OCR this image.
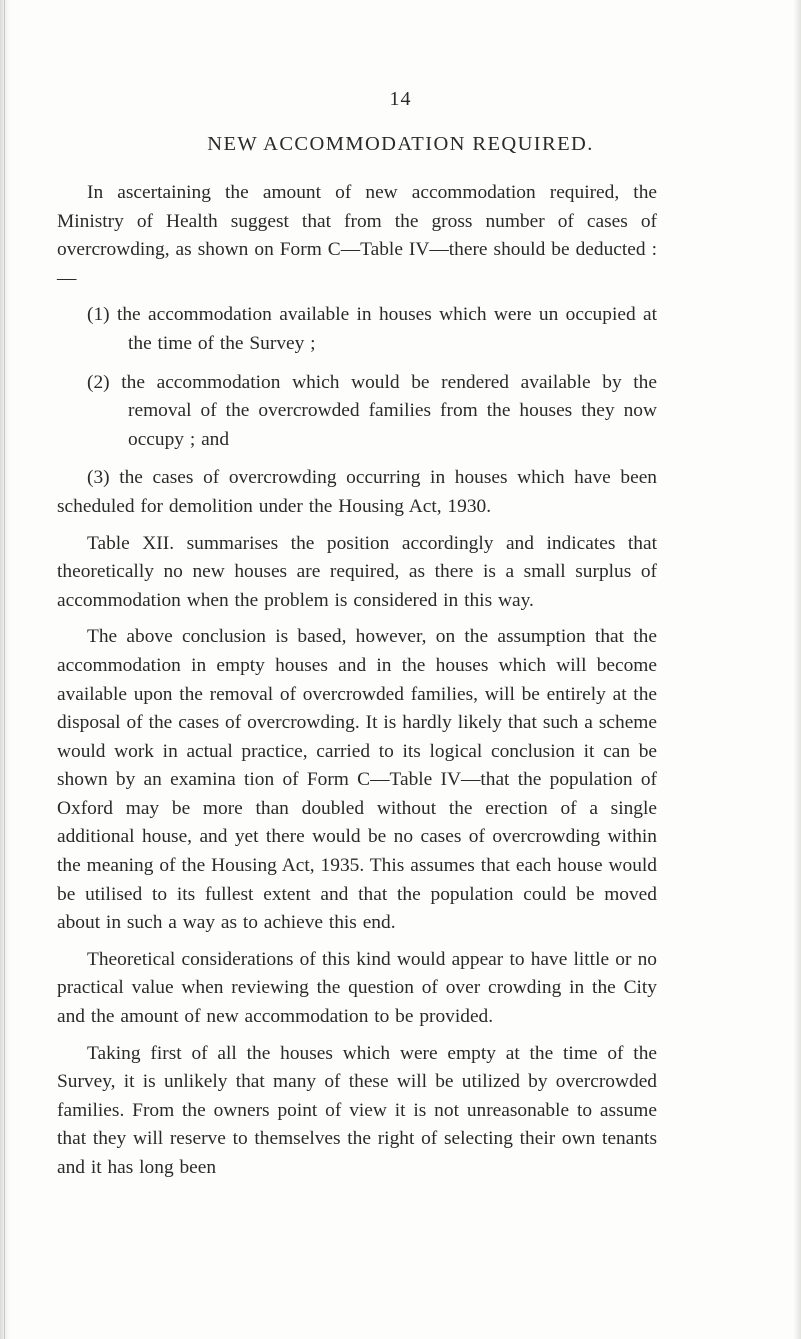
14
NEW ACCOMMODATION REQUIRED.

In ascertaining the amount of new accommodation required, the Ministry of Health suggest that from the gross number of cases of overcrowding, as shown on Form C—Table IV—there should be deducted : —

(1) the accommodation available in houses which were un occupied at the time of the Survey ;

(2) the accommodation which would be rendered available by the removal of the overcrowded families from the houses they now occupy ; and

(3) the cases of overcrowding occurring in houses which have been scheduled for demolition under the Housing Act, 1930.

Table XII. summarises the position accordingly and indicates that theoretically no new houses are required, as there is a small surplus of accommodation when the problem is considered in this way.

The above conclusion is based, however, on the assumption that the accommodation in empty houses and in the houses which will become available upon the removal of overcrowded families, will be entirely at the disposal of the cases of overcrowding. It is hardly likely that such a scheme would work in actual practice, carried to its logical conclusion it can be shown by an examina tion of Form C—Table IV—that the population of Oxford may be more than doubled without the erection of a single additional house, and yet there would be no cases of overcrowding within the meaning of the Housing Act, 1935. This assumes that each house would be utilised to its fullest extent and that the population could be moved about in such a way as to achieve this end.

Theoretical considerations of this kind would appear to have little or no practical value when reviewing the question of over crowding in the City and the amount of new accommodation to be provided.

Taking first of all the houses which were empty at the time of the Survey, it is unlikely that many of these will be utilized by overcrowded families. From the owners point of view it is not unreasonable to assume that they will reserve to themselves the right of selecting their own tenants and it has long been
